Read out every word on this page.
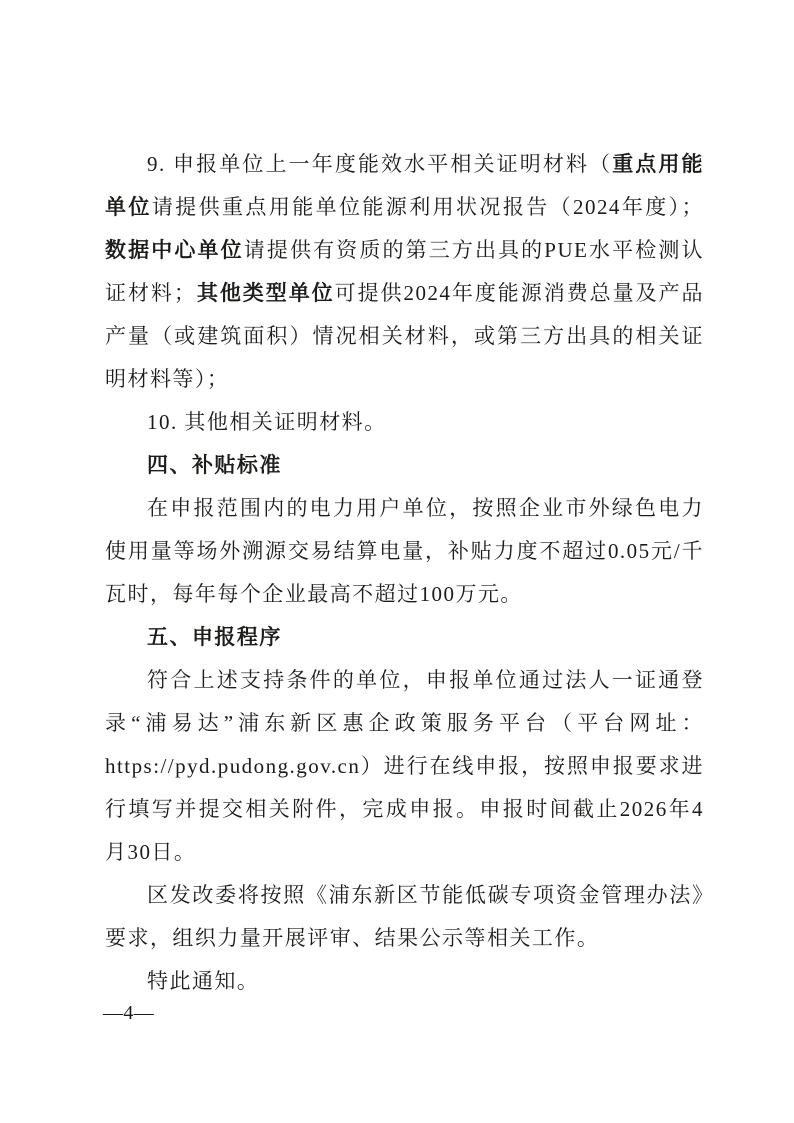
9. 申报单位上一年度能效水平相关证明材料（重点用能单位请提供重点用能单位能源利用状况报告（2024年度）；数据中心单位请提供有资质的第三方出具的PUE水平检测认证材料；其他类型单位可提供2024年度能源消费总量及产品产量（或建筑面积）情况相关材料，或第三方出具的相关证明材料等）；

10. 其他相关证明材料。

四、补贴标准

在申报范围内的电力用户单位，按照企业市外绿色电力使用量等场外溯源交易结算电量，补贴力度不超过0.05元/千瓦时，每年每个企业最高不超过100万元。

五、申报程序

符合上述支持条件的单位，申报单位通过法人一证通登录“浦易达”浦东新区惠企政策服务平台（平台网址：https://pyd.pudong.gov.cn）进行在线申报，按照申报要求进行填写并提交相关附件，完成申报。申报时间截止2026年4月30日。

区发改委将按照《浦东新区节能低碳专项资金管理办法》要求，组织力量开展评审、结果公示等相关工作。

特此通知。

—4—
